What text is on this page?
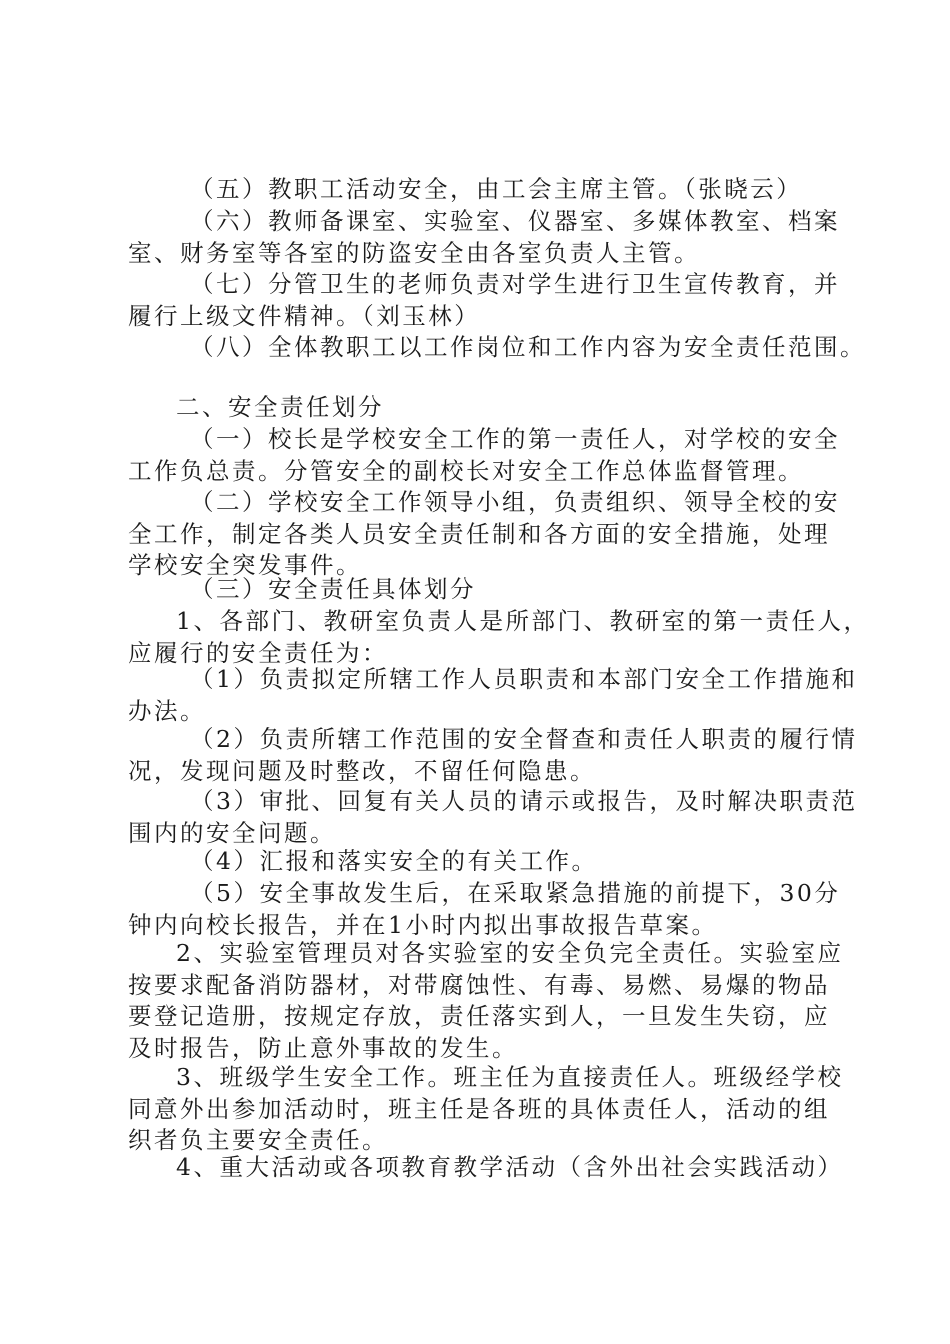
（五）教职工活动安全，由工会主席主管。（张晓云）
（六）教师备课室、实验室、仪器室、多媒体教室、档案
室、财务室等各室的防盗安全由各室负责人主管。
（七）分管卫生的老师负责对学生进行卫生宣传教育，并
履行上级文件精神。（刘玉林）
（八）全体教职工以工作岗位和工作内容为安全责任范围。
二、安全责任划分
（一）校长是学校安全工作的第一责任人，对学校的安全
工作负总责。分管安全的副校长对安全工作总体监督管理。
（二）学校安全工作领导小组，负责组织、领导全校的安
全工作，制定各类人员安全责任制和各方面的安全措施，处理
学校安全突发事件。
（三）安全责任具体划分
1、各部门、教研室负责人是所部门、教研室的第一责任人，
应履行的安全责任为：
（1）负责拟定所辖工作人员职责和本部门安全工作措施和
办法。
（2）负责所辖工作范围的安全督查和责任人职责的履行情
况，发现问题及时整改，不留任何隐患。
（3）审批、回复有关人员的请示或报告，及时解决职责范
围内的安全问题。
（4）汇报和落实安全的有关工作。
（5）安全事故发生后，在采取紧急措施的前提下，30分
钟内向校长报告，并在1小时内拟出事故报告草案。
2、实验室管理员对各实验室的安全负完全责任。实验室应
按要求配备消防器材，对带腐蚀性、有毒、易燃、易爆的物品
要登记造册，按规定存放，责任落实到人，一旦发生失窃，应
及时报告，防止意外事故的发生。
3、班级学生安全工作。班主任为直接责任人。班级经学校
同意外出参加活动时，班主任是各班的具体责任人，活动的组
织者负主要安全责任。
4、重大活动或各项教育教学活动（含外出社会实践活动）
